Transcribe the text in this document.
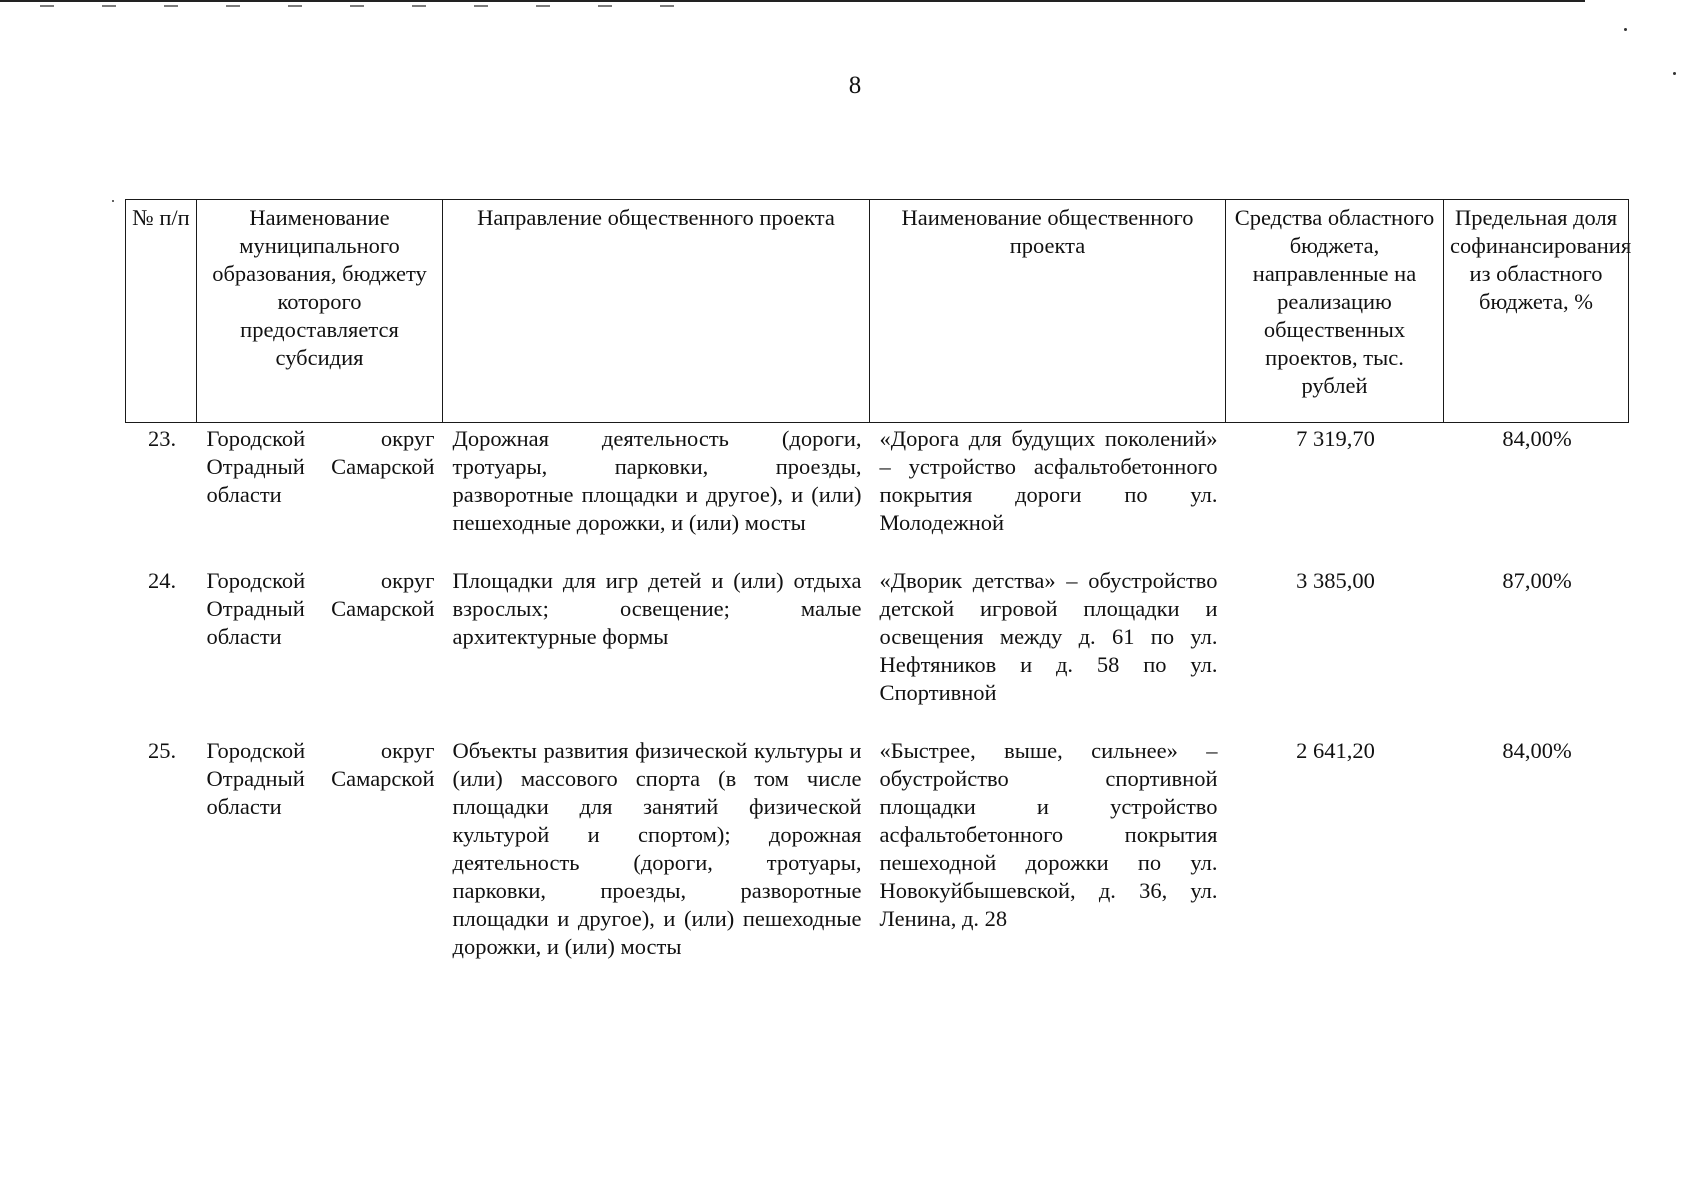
8
№ п/п	Наименование муниципального образования, бюджету которого предоставляется субсидия	Направление общественного проекта	Наименование общественного проекта	Средства областного бюджета, направленные на реализацию общественных проектов, тыс. рублей	Предельная доля софинансирования из областного бюджета, %
23.	Городской округ Отрадный Самарской области	Дорожная деятельность (дороги, тротуары, парковки, проезды, разворотные площадки и другое), и (или) пешеходные дорожки, и (или) мосты	«Дорога для будущих поколений» – устройство асфальтобетонного покрытия дороги по ул. Молодежной	7 319,70	84,00%
24.	Городской округ Отрадный Самарской области	Площадки для игр детей и (или) отдыха взрослых; освещение; малые архитектурные формы	«Дворик детства» – обустройство детской игровой площадки и освещения между д. 61 по ул. Нефтяников и д. 58 по ул. Спортивной	3 385,00	87,00%
25.	Городской округ Отрадный Самарской области	Объекты развития физической культуры и (или) массового спорта (в том числе площадки для занятий физической культурой и спортом); дорожная деятельность (дороги, тротуары, парковки, проезды, разворотные площадки и другое), и (или) пешеходные дорожки, и (или) мосты	«Быстрее, выше, сильнее» – обустройство спортивной площадки и устройство асфальтобетонного покрытия пешеходной дорожки по ул. Новокуйбышевской, д. 36, ул. Ленина, д. 28	2 641,20	84,00%
